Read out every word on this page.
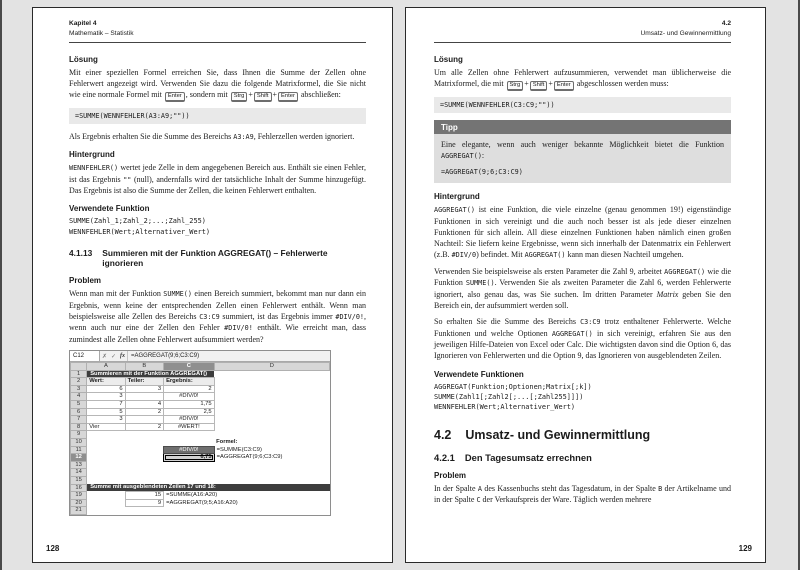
Kapitel 4
Mathematik – Statistik
Lösung

Mit einer speziellen Formel erreichen Sie, dass Ihnen die Summe der Zellen ohne Fehlerwert angezeigt wird. Verwenden Sie dazu die folgende Matrixformel, die Sie nicht wie eine normale Formel mit Enter , sondern mit Strg + Shift + Enter abschließen:

=SUMME(WENNFEHLER(A3:A9;""))

Als Ergebnis erhalten Sie die Summe des Bereichs A3:A9, Fehlerzellen werden ignoriert.

Hintergrund

WENNFEHLER() wertet jede Zelle in dem angegebenen Bereich aus. Enthält sie einen Fehler, ist das Ergebnis "" (null), andernfalls wird der tatsächliche Inhalt der Summe hinzugefügt. Das Ergebnis ist also die Summe der Zellen, die keinen Fehlerwert enthalten.

Verwendete Funktion
SUMME(Zahl_1;Zahl_2;...;Zahl_255)
WENNFEHLER(Wert;Alternativer_Wert)
4.1.13 Summieren mit der Funktion AGGREGAT() – Fehlerwerte ignorieren
Problem

Wenn man mit der Funktion SUMME() einen Bereich summiert, bekommt man nur dann ein Ergebnis, wenn keine der entsprechenden Zellen einen Fehlerwert enthält. Wenn man beispielsweise alle Zellen des Bereichs C3:C9 summiert, ist das Ergebnis immer #DIV/0!, wenn auch nur eine der Zellen den Fehler #DIV/0! enthält. Wie erreicht man, dass zumindest alle Zellen ohne Fehlerwert aufsummiert werden?

C12	✗ ✓ fx	=AGGREGAT(9;6;C3:C9)
	A	B	C	D
1	Summieren mit der Funktion AGGREGAT()			
2	Wert:	Teiler:	Ergebnis:	
3	6	3	2	
4	3		#DIV/0!	
5	7	4	1,75	
6	5	2	2,5	
7	3		#DIV/0!	
8	Vier	2	#WERT!	
9				
10				Formel:
11			#DIV/0!	=SUMME(C3:C9)
12			6,75	=AGGREGAT(9;6;C3:C9)
13				
14				
15				
16	Summe mit ausgeblendeten Zeilen 17 und 18:			
19		15	=SUMME(A16:A20)	
20		9	=AGGREGAT(9;5;A16:A20)	
21				
128
4.2
Umsatz- und Gewinnermittlung
Lösung

Um alle Zellen ohne Fehlerwert aufzusummieren, verwendet man üblicherweise die Matrixformel, die mit Strg + Shift + Enter abgeschlossen werden muss:

=SUMME(WENNFEHLER(C3:C9;""))
Tipp

Eine elegante, wenn auch weniger bekannte Möglichkeit bietet die Funktion AGGREGAT():

=AGGREGAT(9;6;C3:C9)
Hintergrund

AGGREGAT() ist eine Funktion, die viele einzelne (genau genommen 19!) eigenständige Funktionen in sich vereinigt und die auch noch besser ist als jede dieser einzelnen Funktionen für sich allein. All diese einzelnen Funktionen haben nämlich einen großen Nachteil: Sie liefern keine Ergebnisse, wenn sich innerhalb der Datenmatrix ein Fehlerwert (z.B. #DIV/0) befindet. Mit AGGREGAT() kann man diesen Nachteil umgehen.

Verwenden Sie beispielsweise als ersten Parameter die Zahl 9, arbeitet AGGREGAT() wie die Funktion SUMME(). Verwenden Sie als zweiten Parameter die Zahl 6, werden Fehlerwerte ignoriert, also genau das, was Sie suchen. Im dritten Parameter Matrix geben Sie den Bereich ein, der aufsummiert werden soll.

So erhalten Sie die Summe des Bereichs C3:C9 trotz enthaltener Fehlerwerte. Welche Funktionen und welche Optionen AGGREGAT() in sich vereinigt, erfahren Sie aus den jeweiligen Hilfe-Dateien von Excel oder Calc. Die wichtigsten davon sind die Option 6, das Ignorieren von Fehlerwerten und die Option 9, das Ignorieren von ausgeblendeten Zeilen.

Verwendete Funktionen
AGGREGAT(Funktion;Optionen;Matrix[;k])
SUMME(Zahl1[;Zahl2[;...[;Zahl255]]])
WENNFEHLER(Wert;Alternativer_Wert)
4.2 Umsatz- und Gewinnermittlung
4.2.1 Den Tagesumsatz errechnen
Problem

In der Spalte A des Kassenbuchs steht das Tagesdatum, in der Spalte B der Artikelname und in der Spalte C der Verkaufspreis der Ware. Täglich werden mehrere

129
